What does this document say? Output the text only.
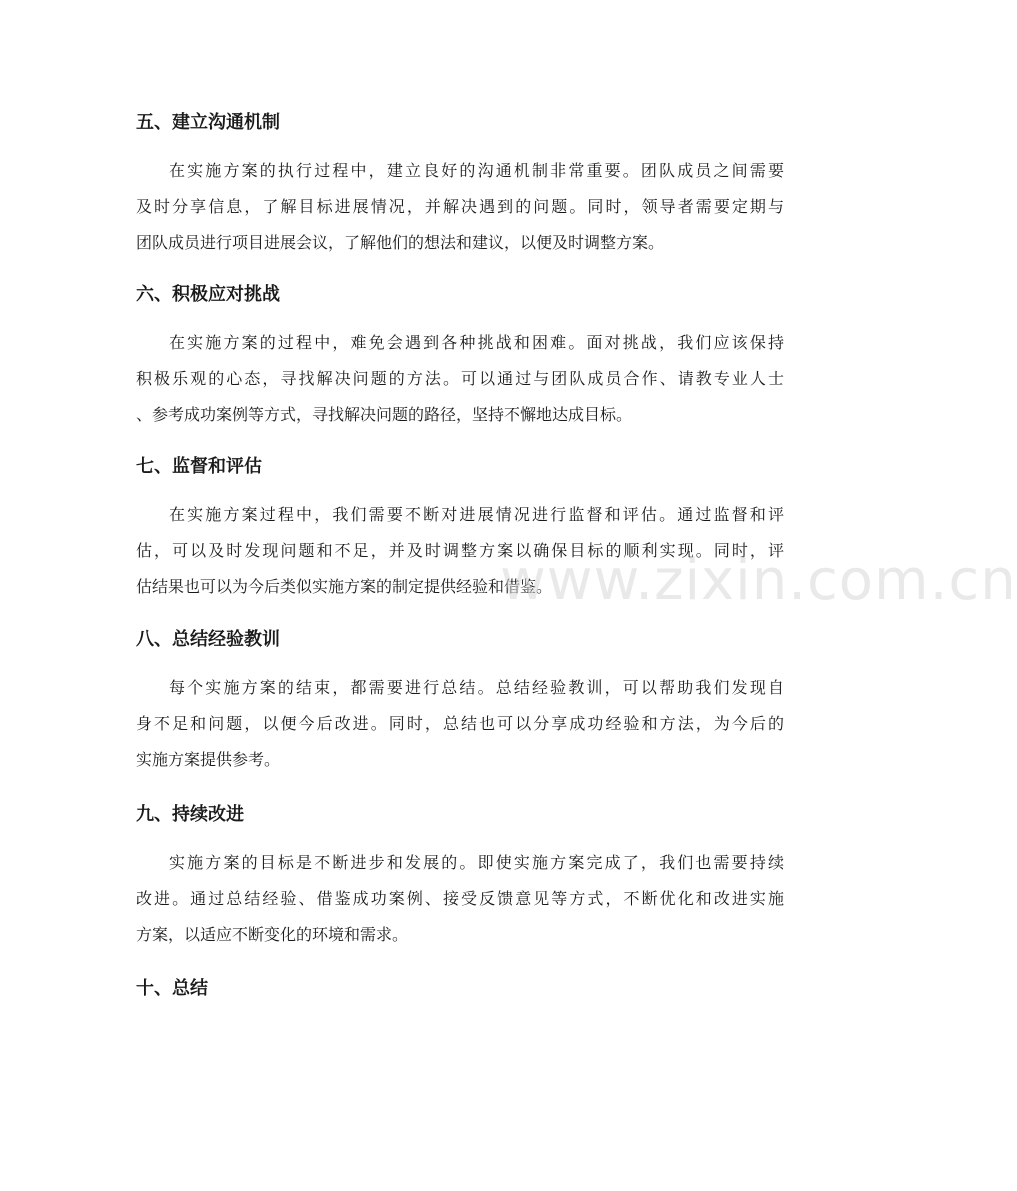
五、建立沟通机制
在实施方案的执行过程中，建立良好的沟通机制非常重要。团队成员之间需要
及时分享信息，了解目标进展情况，并解决遇到的问题。同时，领导者需要定期与
团队成员进行项目进展会议，了解他们的想法和建议，以便及时调整方案。
六、积极应对挑战
在实施方案的过程中，难免会遇到各种挑战和困难。面对挑战，我们应该保持
积极乐观的心态，寻找解决问题的方法。可以通过与团队成员合作、请教专业人士
、参考成功案例等方式，寻找解决问题的路径，坚持不懈地达成目标。
七、监督和评估
在实施方案过程中，我们需要不断对进展情况进行监督和评估。通过监督和评
估，可以及时发现问题和不足，并及时调整方案以确保目标的顺利实现。同时，评
估结果也可以为今后类似实施方案的制定提供经验和借鉴。
八、总结经验教训
每个实施方案的结束，都需要进行总结。总结经验教训，可以帮助我们发现自
身不足和问题，以便今后改进。同时，总结也可以分享成功经验和方法，为今后的
实施方案提供参考。
九、持续改进
实施方案的目标是不断进步和发展的。即使实施方案完成了，我们也需要持续
改进。通过总结经验、借鉴成功案例、接受反馈意见等方式，不断优化和改进实施
方案，以适应不断变化的环境和需求。
十、总结
www.zixin.com.cn
